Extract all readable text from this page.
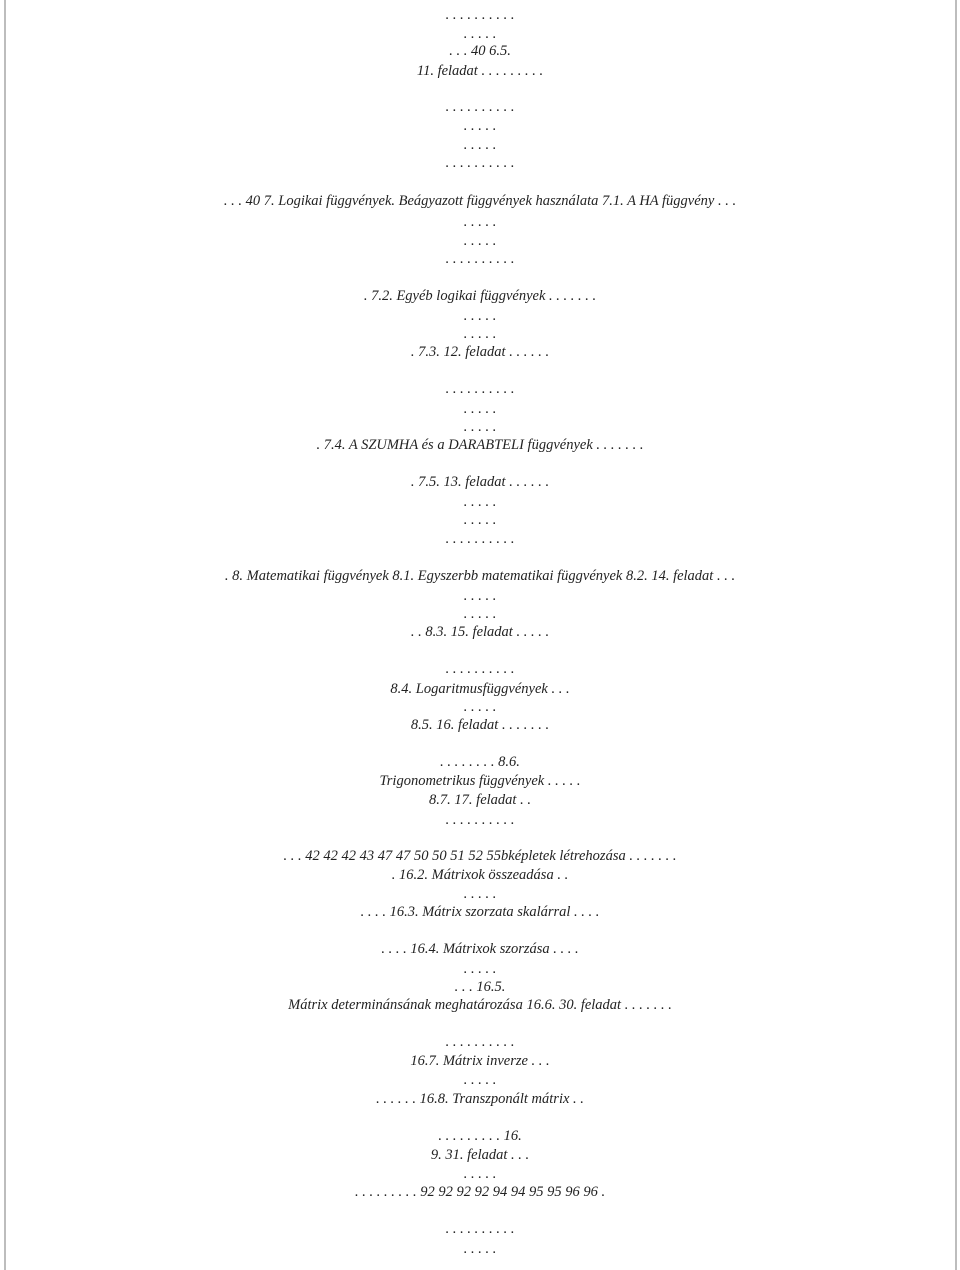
. . . . . . . . . .
. . . . .
. . . 40 6.5.
11. feladat . . . . . . . . .
. . . . . . . . . .
. . . . .
. . . . .
. . . . . . . . . .
. . . 40 7. Logikai függvények. Beágyazott függvények használata 7.1. A HA függvény . . .
. . . . .
. . . . .
. . . . . . . . . .
. 7.2. Egyéb logikai függvények . . . . . . .
. . . . .
. . . . .
. 7.3. 12. feladat . . . . . .
. . . . . . . . . .
. . . . .
. . . . .
. 7.4. A SZUMHA és a DARABTELI függvények . . . . . . .
. 7.5. 13. feladat . . . . . .
. . . . .
. . . . .
. . . . . . . . . .
. 8. Matematikai függvények 8.1. Egyszerbb matematikai függvények 8.2. 14. feladat . . .
. . . . .
. . . . .
. . 8.3. 15. feladat . . . . .
. . . . . . . . . .
8.4. Logaritmusfüggvények . . .
. . . . .
8.5. 16. feladat . . . . . . .
. . . . . . . . 8.6.
Trigonometrikus függvények . . . . .
8.7. 17. feladat . .
. . . . . . . . . .
. . . 42 42 42 43 47 47 50 50 51 52 55bképletek létrehozása . . . . . . .
. 16.2. Mátrixok összeadása . .
. . . . .
. . . . 16.3. Mátrix szorzata skalárral . . . .
. . . . 16.4. Mátrixok szorzása . . . .
. . . . .
. . . 16.5.
Mátrix determinánsának meghatározása 16.6. 30. feladat . . . . . . .
. . . . . . . . . .
16.7. Mátrix inverze . . .
. . . . .
. . . . . . 16.8. Transzponált mátrix . .
. . . . . . . . . 16.
9. 31. feladat . . .
. . . . .
. . . . . . . . . 92 92 92 92 94 94 95 95 96 96 .
. . . . . . . . . .
. . . . .
